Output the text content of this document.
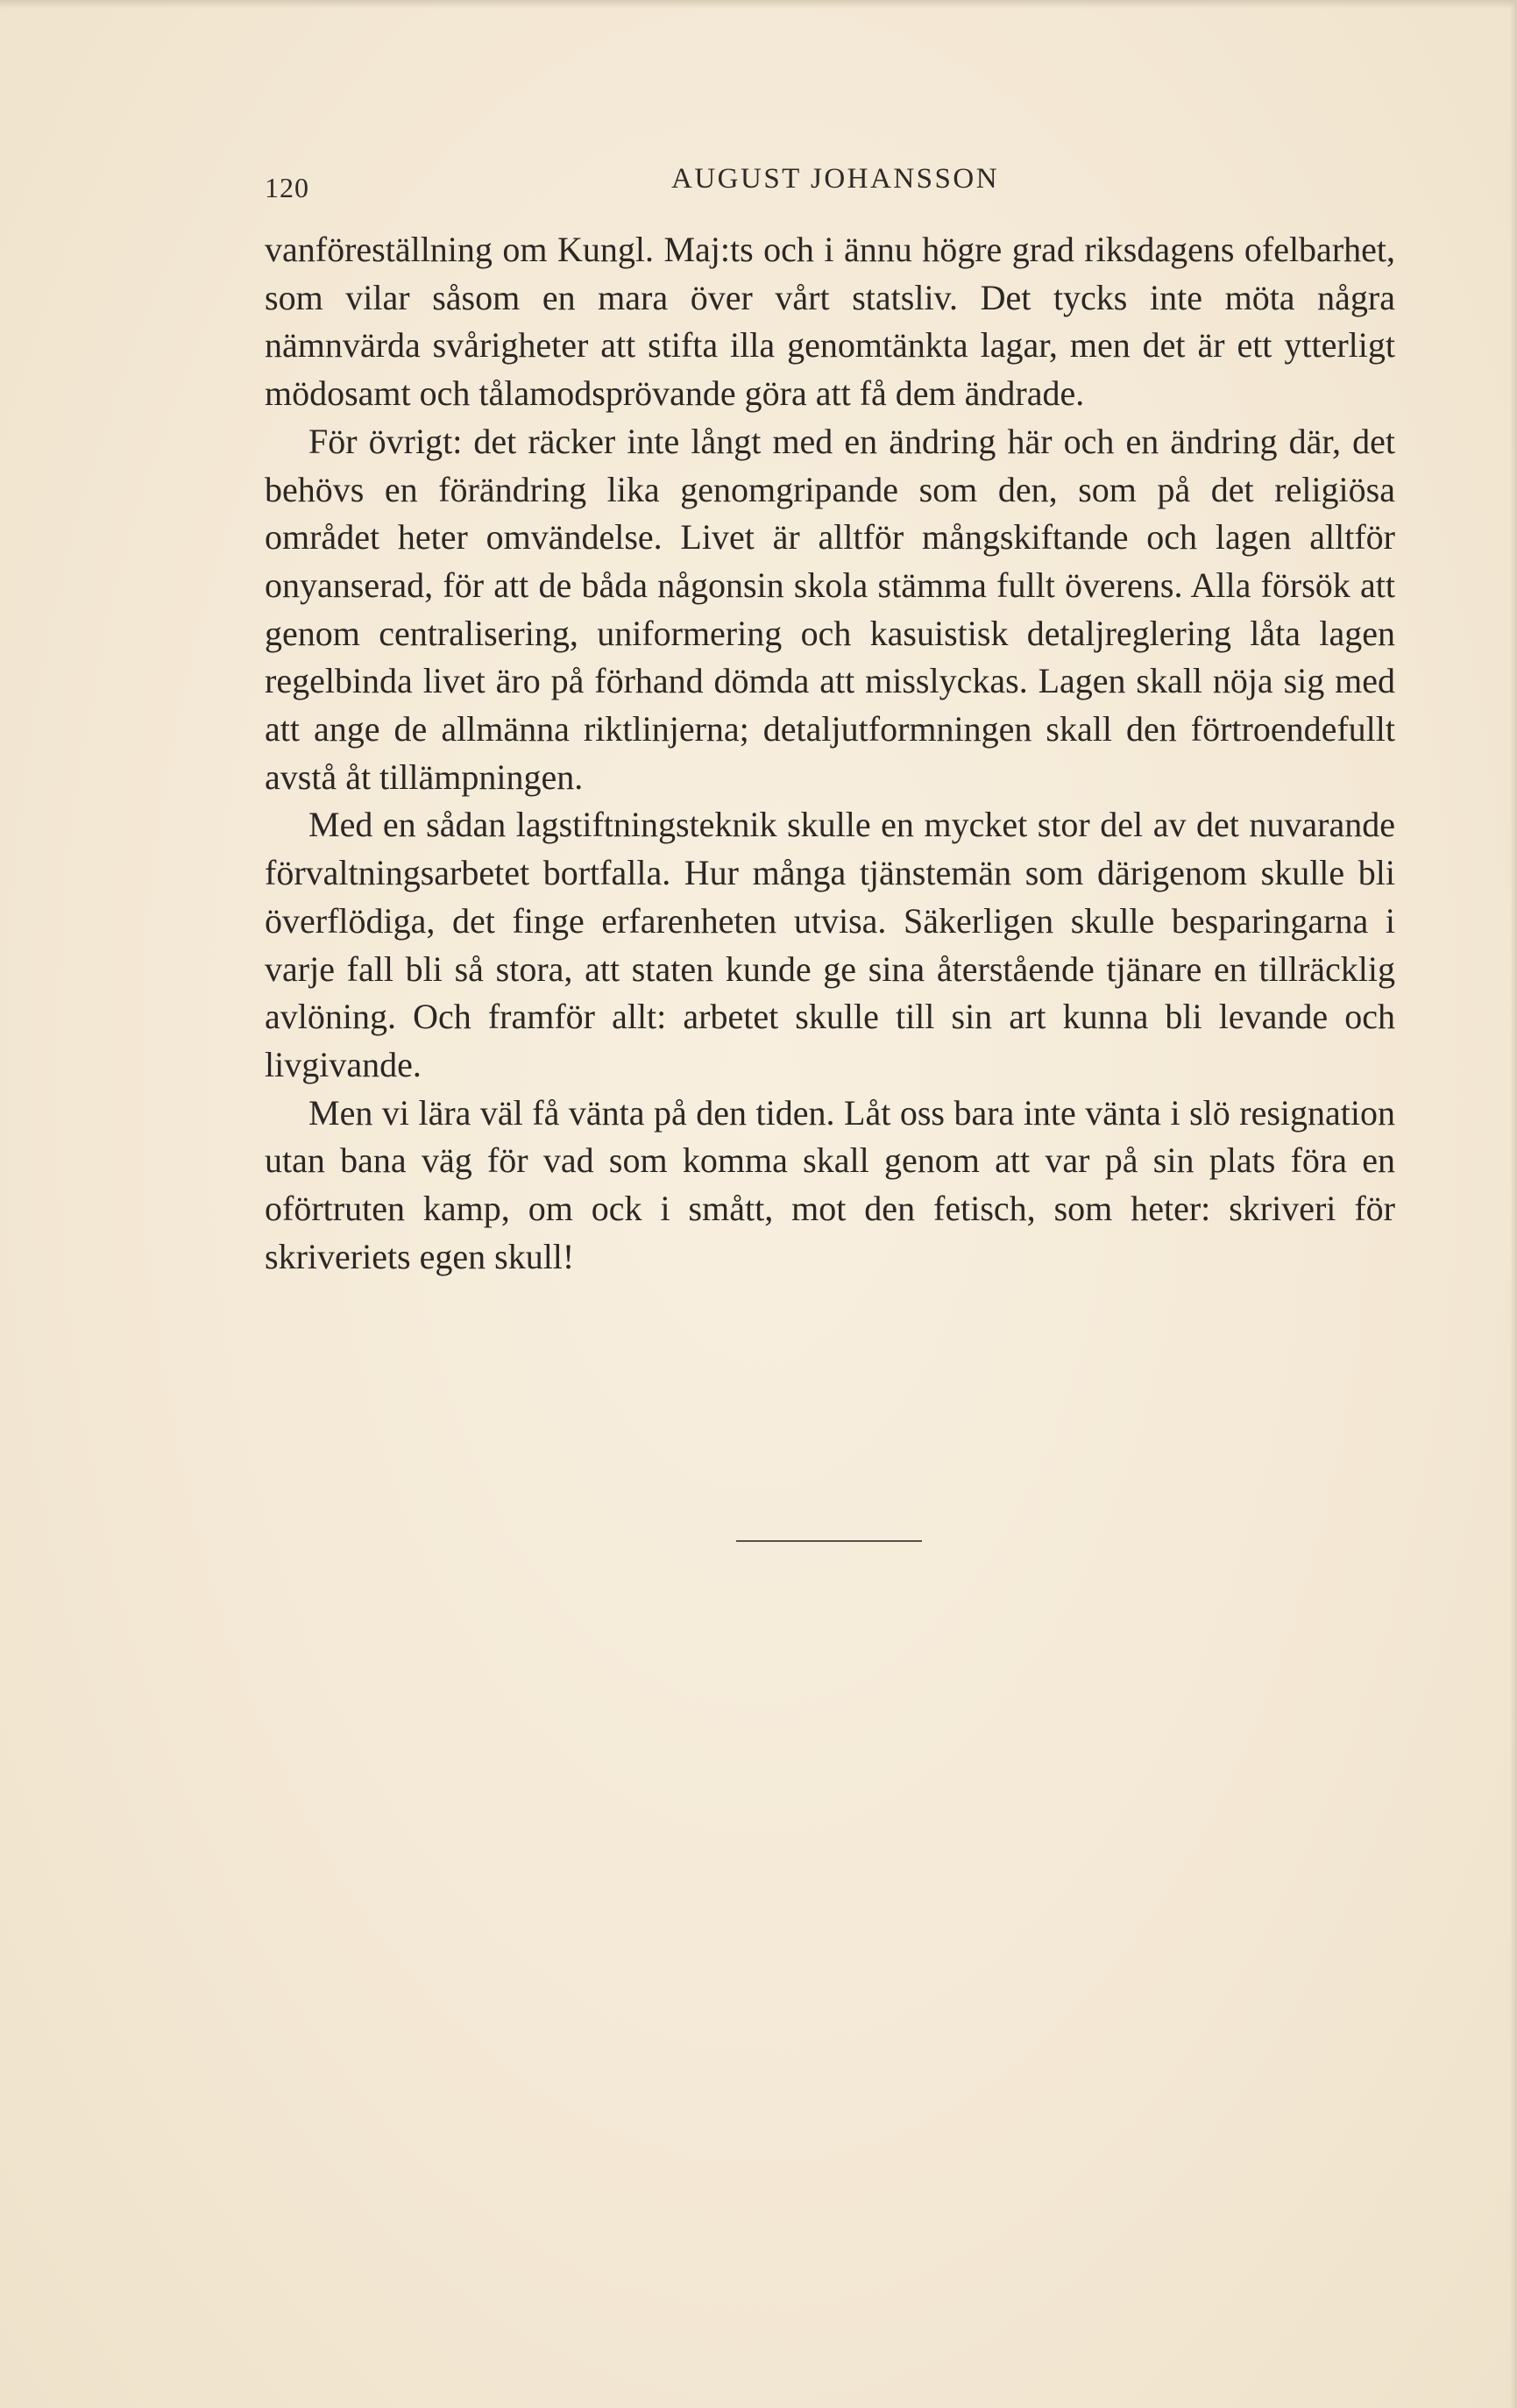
120	AUGUST JOHANSSON

vanföreställning om Kungl. Maj:ts och i ännu högre grad riksdagens ofelbarhet, som vilar såsom en mara över vårt statsliv. Det tycks inte möta några nämnvärda svårigheter att stifta illa genomtänkta lagar, men det är ett ytterligt mödosamt och tålamodsprövande göra att få dem ändrade.

För övrigt: det räcker inte långt med en ändring här och en ändring där, det behövs en förändring lika genomgripande som den, som på det religiösa området heter omvändelse. Livet är alltför mångskiftande och lagen alltför onyanserad, för att de båda någonsin skola stämma fullt överens. Alla försök att genom centralisering, uniformering och kasuistisk detaljreglering låta lagen regelbinda livet äro på förhand dömda att misslyckas. Lagen skall nöja sig med att ange de allmänna riktlinjerna; detaljutformningen skall den förtroendefullt avstå åt tillämpningen.

Med en sådan lagstiftningsteknik skulle en mycket stor del av det nuvarande förvaltningsarbetet bortfalla. Hur många tjänstemän som därigenom skulle bli överflödiga, det finge erfarenheten utvisa. Säkerligen skulle besparingarna i varje fall bli så stora, att staten kunde ge sina återstående tjänare en tillräcklig avlöning. Och framför allt: arbetet skulle till sin art kunna bli levande och livgivande.

Men vi lära väl få vänta på den tiden. Låt oss bara inte vänta i slö resignation utan bana väg för vad som komma skall genom att var på sin plats föra en oförtruten kamp, om ock i smått, mot den fetisch, som heter: skriveri för skriveriets egen skull!
